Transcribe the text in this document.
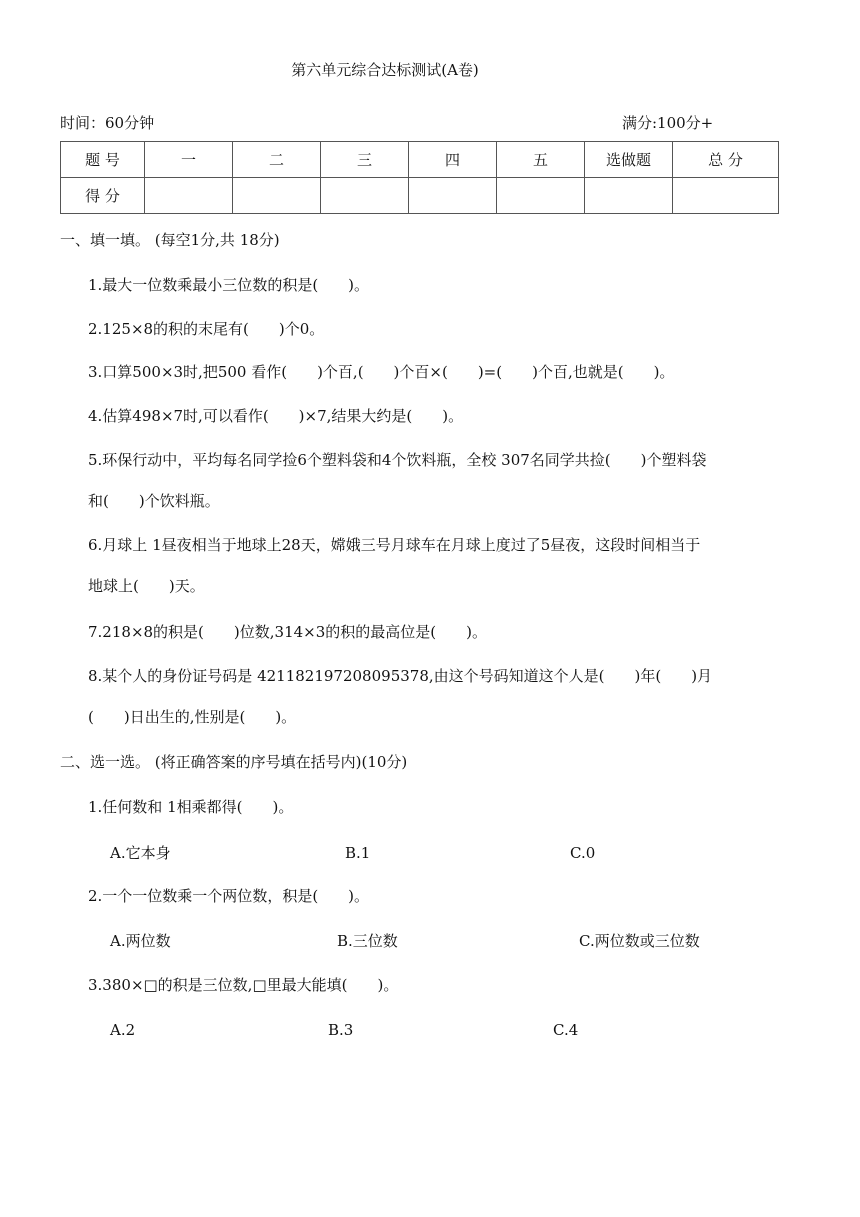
第六单元综合达标测试(A卷)
时间：60分钟	满分:100分+
题 号	一	二	三	四	五	选做题	总 分
得 分							
一、填一填。 (每空1分,共 18分)
1.最大一位数乘最小三位数的积是(　　)。
2.125×8的积的末尾有(　　)个0。
3.口算500×3时,把500 看作(　　)个百,(　　)个百×(　　)=(　　)个百,也就是(　　)。
4.估算498×7时,可以看作(　　)×7,结果大约是(　　)。
5.环保行动中，平均每名同学捡6个塑料袋和4个饮料瓶，全校 307名同学共捡(　　)个塑料袋
和(　　)个饮料瓶。
6.月球上 1昼夜相当于地球上28天，嫦娥三号月球车在月球上度过了5昼夜，这段时间相当于
地球上(　　)天。
7.218×8的积是(　　)位数,314×3的积的最高位是(　　)。
8.某个人的身份证号码是 421182197208095378,由这个号码知道这个人是(　　)年(　　)月
(　　)日出生的,性别是(　　)。
二、选一选。 (将正确答案的序号填在括号内)(10分)
1.任何数和 1相乘都得(　　)。
A.它本身	B.1	C.0
2.一个一位数乘一个两位数，积是(　　)。
A.两位数	B.三位数	C.两位数或三位数
3.380×□的积是三位数,□里最大能填(　　)。
A.2	B.3	C.4
